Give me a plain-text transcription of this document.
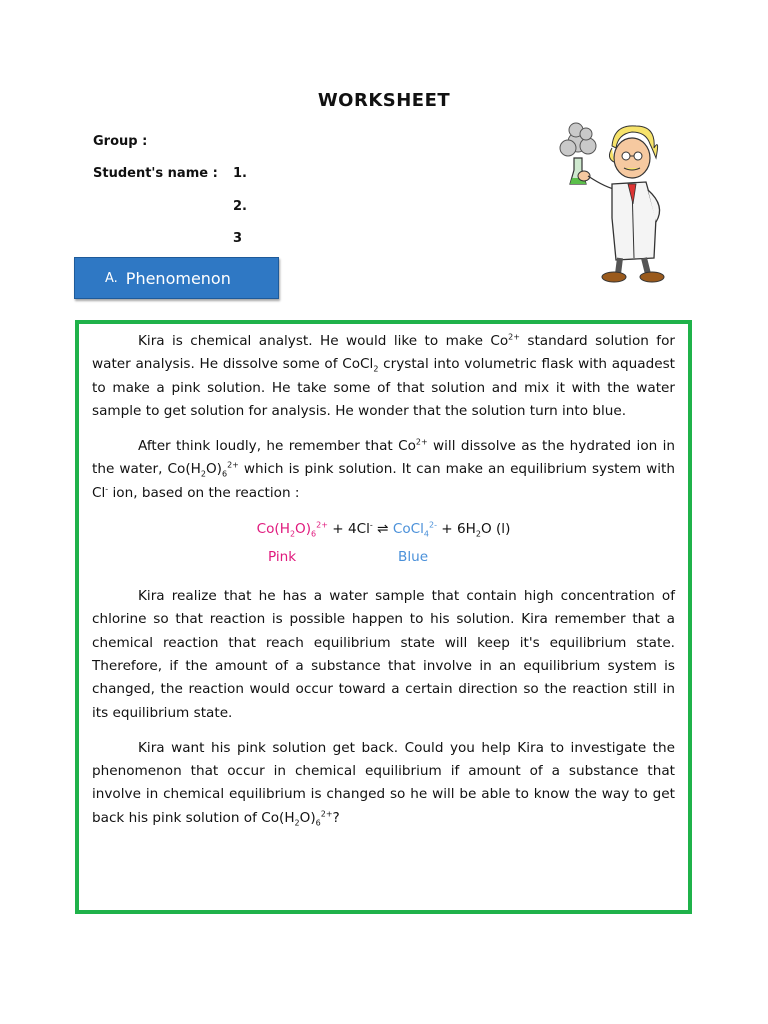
WORKSHEET
Group :
Student's name : 1.
2.
3
A. Phenomenon

Kira is chemical analyst. He would like to make $Co^{2+}$ standard solution for water analysis. He dissolve some of CoCl$_2$ crystal into volumetric flask with aquadest to make a pink solution. He take some of that solution and mix it with the water sample to get solution for analysis. He wonder that the solution turn into blue.

After think loudly, he remember that $Co^{2+}$ will dissolve as the hydrated ion in the water, $Co(H_2O)_6^{2+}$ which is pink solution. It can make an equilibrium system with Cl- ion, based on the reaction :

$Co(H_2O)_6^{2+} + 4Cl^-$ ⇌ CoCl$_4^{2-}$ + $6H_2O$ (l)
Pink	Blue

Kira realize that he has a water sample that contain high concentration of chlorine so that reaction is possible happen to his solution. Kira remember that a chemical reaction that reach equilibrium state will keep it's equilibrium state. Therefore, if the amount of a substance that involve in an equilibrium system is changed, the reaction would occur toward a certain direction so the reaction still in its equilibrium state.

Kira want his pink solution get back. Could you help Kira to investigate the phenomenon that occur in chemical equilibrium if amount of a substance that involve in chemical equilibrium is changed so he will be able to know the way to get back his pink solution of $Co(H_2O)_6^{2+}$?
